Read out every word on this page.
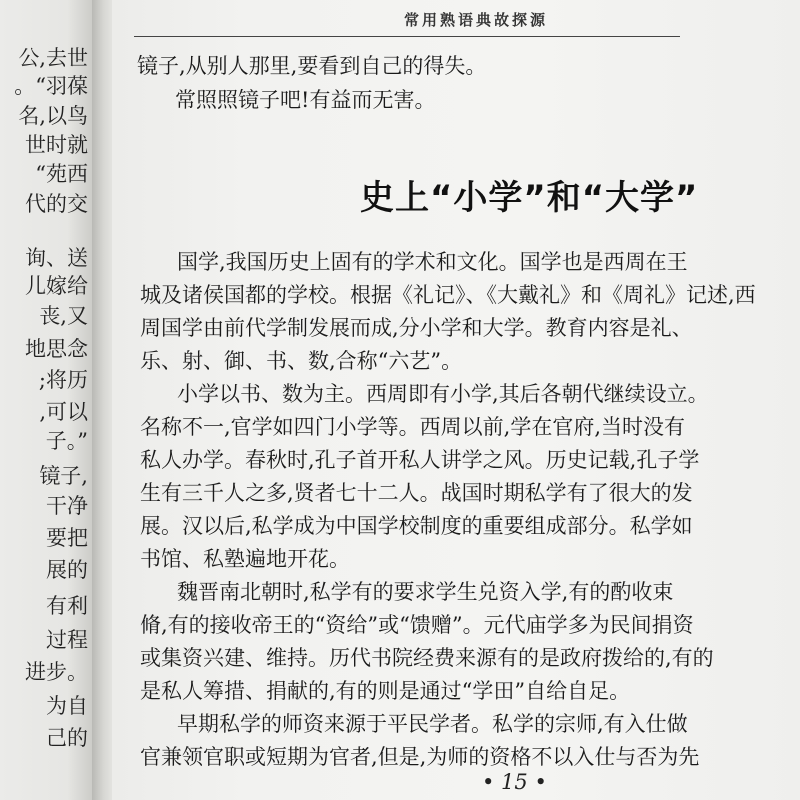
公,去世
。“羽葆
名,以鸟
世时就
“苑西
代的交
询、送
儿嫁给
丧,又
地思念
;将历
,可以
子。”
镜子,
干净
要把
展的
有利
过程
进步。
为自
己的
常用熟语典故探源
镜子,从别人那里,要看到自己的得失。
常照照镜子吧!有益而无害。
史上“小学”和“大学”
国学,我国历史上固有的学术和文化。国学也是西周在王
城及诸侯国都的学校。根据《礼记》、《大戴礼》和《周礼》记述,西
周国学由前代学制发展而成,分小学和大学。教育内容是礼、
乐、射、御、书、数,合称“六艺”。
小学以书、数为主。西周即有小学,其后各朝代继续设立。
名称不一,官学如四门小学等。西周以前,学在官府,当时没有
私人办学。春秋时,孔子首开私人讲学之风。历史记载,孔子学
生有三千人之多,贤者七十二人。战国时期私学有了很大的发
展。汉以后,私学成为中国学校制度的重要组成部分。私学如
书馆、私塾遍地开花。
魏晋南北朝时,私学有的要求学生兑资入学,有的酌收束
脩,有的接收帝王的“资给”或“馈赠”。元代庙学多为民间捐资
或集资兴建、维持。历代书院经费来源有的是政府拨给的,有的
是私人筹措、捐献的,有的则是通过“学田”自给自足。
早期私学的师资来源于平民学者。私学的宗师,有入仕做
官兼领官职或短期为官者,但是,为师的资格不以入仕与否为先
• 15 •
